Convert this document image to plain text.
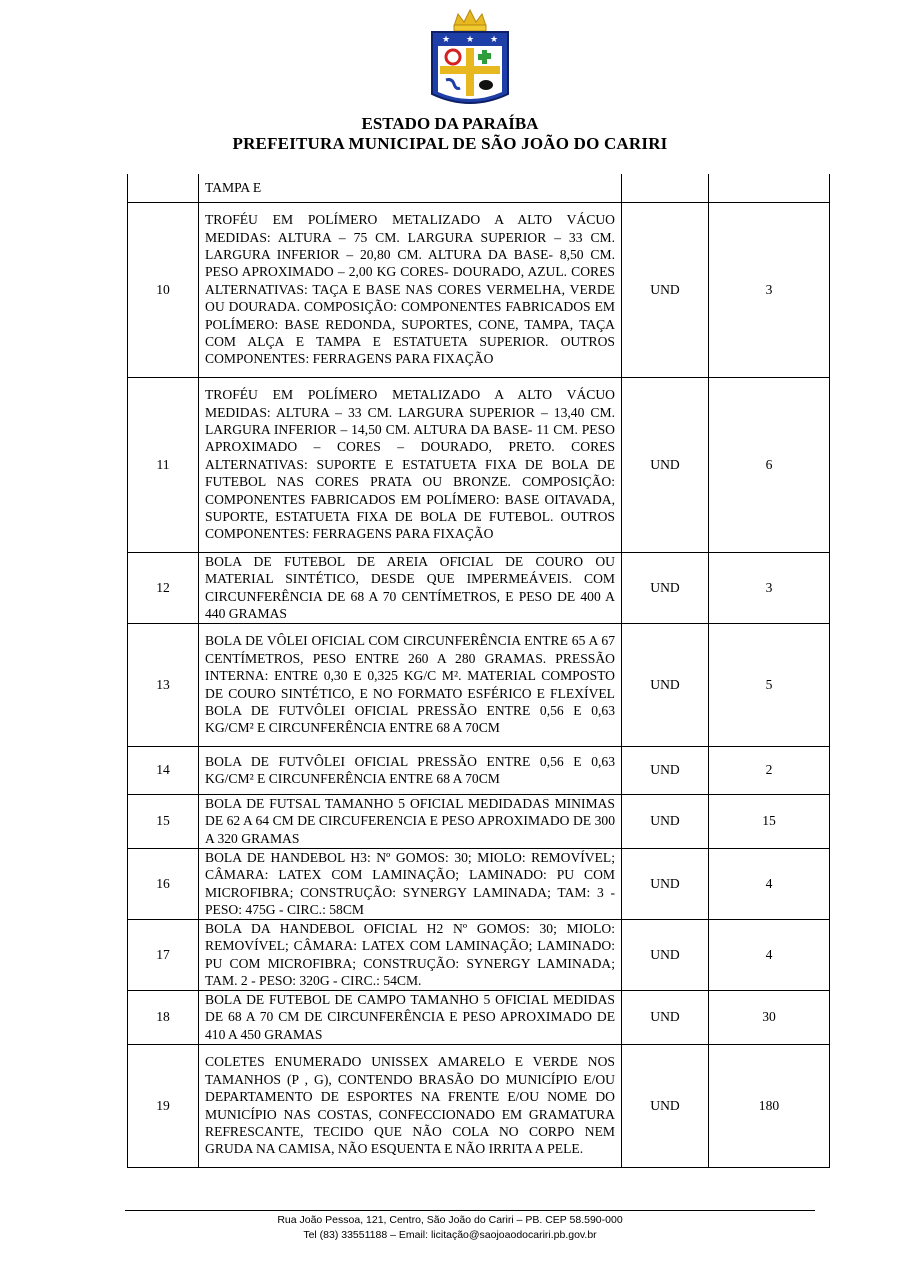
★ ★ ★
ESTADO DA PARAÍBA
PREFEITURA MUNICIPAL DE SÃO JOÃO DO CARIRI
	TAMPA E		
10	TROFÉU EM POLÍMERO METALIZADO A ALTO VÁCUO MEDIDAS: ALTURA – 75 CM. LARGURA SUPERIOR – 33 CM. LARGURA INFERIOR – 20,80 CM. ALTURA DA BASE- 8,50 CM. PESO APROXIMADO – 2,00 KG CORES- DOURADO, AZUL. CORES ALTERNATIVAS: TAÇA E BASE NAS CORES VERMELHA, VERDE OU DOURADA. COMPOSIÇÃO: COMPONENTES FABRICADOS EM POLÍMERO: BASE REDONDA, SUPORTES, CONE, TAMPA, TAÇA COM ALÇA E TAMPA E ESTATUETA SUPERIOR. OUTROS COMPONENTES: FERRAGENS PARA FIXAÇÃO	UND	3
11	TROFÉU EM POLÍMERO METALIZADO A ALTO VÁCUO MEDIDAS: ALTURA – 33 CM. LARGURA SUPERIOR – 13,40 CM. LARGURA INFERIOR – 14,50 CM. ALTURA DA BASE- 11 CM. PESO APROXIMADO – CORES – DOURADO, PRETO. CORES ALTERNATIVAS: SUPORTE E ESTATUETA FIXA DE BOLA DE FUTEBOL NAS CORES PRATA OU BRONZE. COMPOSIÇÃO: COMPONENTES FABRICADOS EM POLÍMERO: BASE OITAVADA, SUPORTE, ESTATUETA FIXA DE BOLA DE FUTEBOL. OUTROS COMPONENTES: FERRAGENS PARA FIXAÇÃO	UND	6
12	BOLA DE FUTEBOL DE AREIA OFICIAL DE COURO OU MATERIAL SINTÉTICO, DESDE QUE IMPERMEÁVEIS. COM CIRCUNFERÊNCIA DE 68 A 70 CENTÍMETROS, E PESO DE 400 A 440 GRAMAS	UND	3
13	BOLA DE VÔLEI OFICIAL COM CIRCUNFERÊNCIA ENTRE 65 A 67 CENTÍMETROS, PESO ENTRE 260 A 280 GRAMAS. PRESSÃO INTERNA: ENTRE 0,30 E 0,325 KG/C M². MATERIAL COMPOSTO DE COURO SINTÉTICO, E NO FORMATO ESFÉRICO E FLEXÍVEL BOLA DE FUTVÔLEI OFICIAL PRESSÃO ENTRE 0,56 E 0,63 KG/CM² E CIRCUNFERÊNCIA ENTRE 68 A 70CM	UND	5
14	BOLA DE FUTVÔLEI OFICIAL PRESSÃO ENTRE 0,56 E 0,63 KG/CM² E CIRCUNFERÊNCIA ENTRE 68 A 70CM	UND	2
15	BOLA DE FUTSAL TAMANHO 5 OFICIAL MEDIDADAS MINIMAS DE 62 A 64 CM DE CIRCUFERENCIA E PESO APROXIMADO DE 300 A 320 GRAMAS	UND	15
16	BOLA DE HANDEBOL H3: Nº GOMOS: 30; MIOLO: REMOVÍVEL; CÂMARA: LATEX COM LAMINAÇÃO; LAMINADO: PU COM MICROFIBRA; CONSTRUÇÃO: SYNERGY LAMINADA; TAM: 3 - PESO: 475G - CIRC.: 58CM	UND	4
17	BOLA DA HANDEBOL OFICIAL H2 Nº GOMOS: 30; MIOLO: REMOVÍVEL; CÂMARA: LATEX COM LAMINAÇÃO; LAMINADO: PU COM MICROFIBRA; CONSTRUÇÃO: SYNERGY LAMINADA; TAM. 2 - PESO: 320G - CIRC.: 54CM.	UND	4
18	BOLA DE FUTEBOL DE CAMPO TAMANHO 5 OFICIAL MEDIDAS DE 68 A 70 CM DE CIRCUNFERÊNCIA E PESO APROXIMADO DE 410 A 450 GRAMAS	UND	30
19	COLETES ENUMERADO UNISSEX AMARELO E VERDE NOS TAMANHOS (P , G), CONTENDO BRASÃO DO MUNICÍPIO E/OU DEPARTAMENTO DE ESPORTES NA FRENTE E/OU NOME DO MUNICÍPIO NAS COSTAS, CONFECCIONADO EM GRAMATURA REFRESCANTE, TECIDO QUE NÃO COLA NO CORPO NEM GRUDA NA CAMISA, NÃO ESQUENTA E NÃO IRRITA A PELE.	UND	180
Rua João Pessoa, 121, Centro, São João do Cariri – PB. CEP 58.590-000
Tel (83) 33551188 – Email: licitação@saojoaodocariri.pb.gov.br
